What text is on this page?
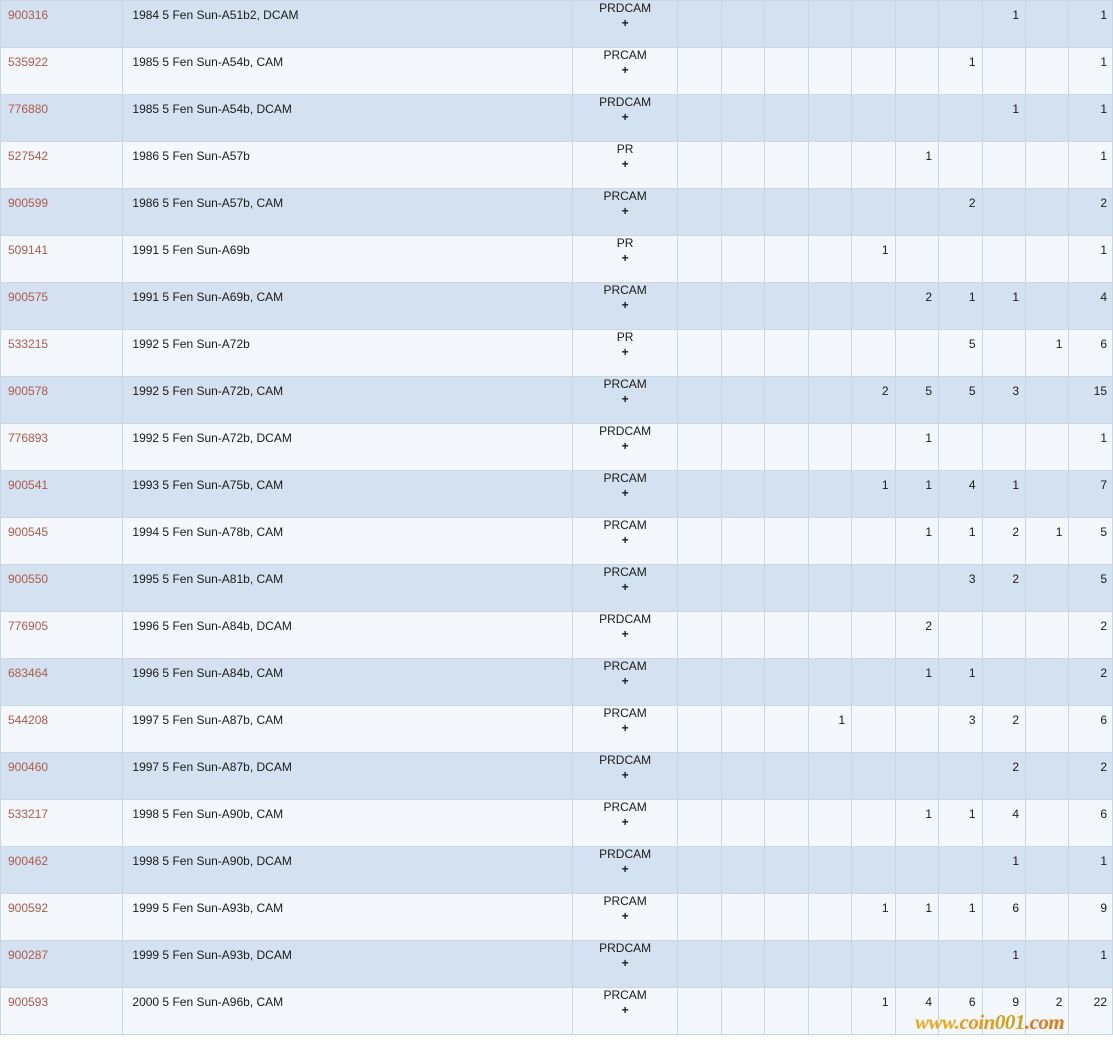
900316	1984 5 Fen Sun-A51b2, DCAM	PRDCAM
+								1		1

535922	1985 5 Fen Sun-A54b, CAM	PRCAM
+							1			1

776880	1985 5 Fen Sun-A54b, DCAM	PRDCAM
+								1		1

527542	1986 5 Fen Sun-A57b	PR
+						1				1

900599	1986 5 Fen Sun-A57b, CAM	PRCAM
+							2			2

509141	1991 5 Fen Sun-A69b	PR
+					1					1

900575	1991 5 Fen Sun-A69b, CAM	PRCAM
+						2	1	1		4

533215	1992 5 Fen Sun-A72b	PR
+							5		1	6

900578	1992 5 Fen Sun-A72b, CAM	PRCAM
+					2	5	5	3		15

776893	1992 5 Fen Sun-A72b, DCAM	PRDCAM
+						1				1

900541	1993 5 Fen Sun-A75b, CAM	PRCAM
+					1	1	4	1		7

900545	1994 5 Fen Sun-A78b, CAM	PRCAM
+						1	1	2	1	5

900550	1995 5 Fen Sun-A81b, CAM	PRCAM
+							3	2		5

776905	1996 5 Fen Sun-A84b, DCAM	PRDCAM
+						2				2

683464	1996 5 Fen Sun-A84b, CAM	PRCAM
+						1	1			2

544208	1997 5 Fen Sun-A87b, CAM	PRCAM
+				1			3	2		6

900460	1997 5 Fen Sun-A87b, DCAM	PRDCAM
+								2		2

533217	1998 5 Fen Sun-A90b, CAM	PRCAM
+						1	1	4		6

900462	1998 5 Fen Sun-A90b, DCAM	PRDCAM
+								1		1

900592	1999 5 Fen Sun-A93b, CAM	PRCAM
+					1	1	1	6		9

900287	1999 5 Fen Sun-A93b, DCAM	PRDCAM
+								1		1

900593	2000 5 Fen Sun-A96b, CAM	PRCAM
+					1	4	6	9	2	22
www.coin001.com
